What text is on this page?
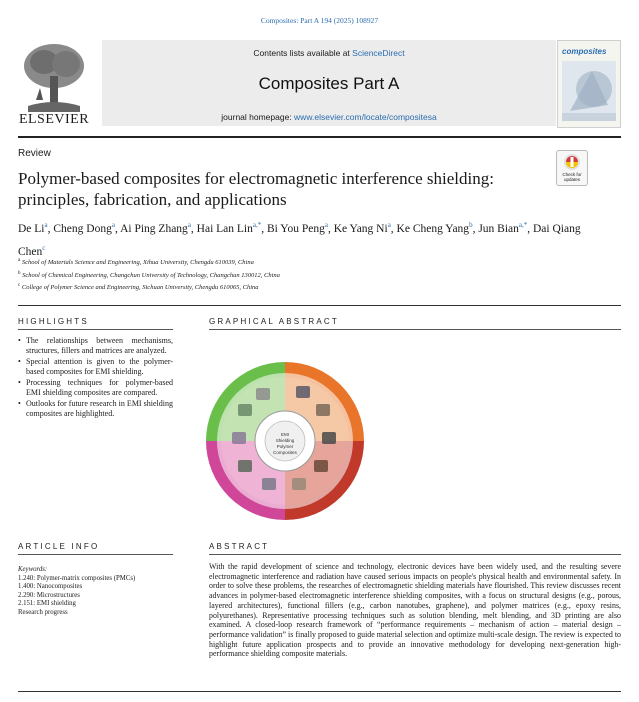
Composites: Part A 194 (2025) 108927
ELSEVIER
Contents lists available at ScienceDirect
Composites Part A
journal homepage: www.elsevier.com/locate/compositesa
composites
Review
Polymer-based composites for electromagnetic interference shielding: principles, fabrication, and applications
Check for updates
De Li$^a$, Cheng Dong$^a$, Ai Ping Zhang$^a$, Hai Lan Lin$^{a,*}$, Bi You Peng$^a$, Ke Yang Ni$^a$, Ke Cheng Yang$^b$, Jun Bian$^{a,*}$, Dai Qiang Chen$^c$
$^a$ School of Materials Science and Engineering, Xihua University, Chengdu 610039, China
$^b$ School of Chemical Engineering, Changchun University of Technology, Changchun 130012, China
$^c$ College of Polymer Science and Engineering, Sichuan University, Chengdu 610065, China
HIGHLIGHTS	GRAPHICAL ABSTRACT
• The relationships between mechanisms, structures, fillers and matrices are analyzed.
• Special attention is given to the polymer-based composites for EMI shielding.
• Processing techniques for polymer-based EMI shielding composites are compared.
• Outlooks for future research in EMI shielding composites are highlighted.
EMI
Shielding
Polymer
Composites
ARTICLE INFO	ABSTRACT
Keywords:
1.240: Polymer-matrix composites (PMCs)
1.400: Nanocomposites
2.290: Microstructures
2.151: EMI shielding
Research progress
With the rapid development of science and technology, electronic devices have been widely used, and the resulting severe electromagnetic interference and radiation have caused serious impacts on people's physical health and environmental safety. In order to solve these problems, the researches of electromagnetic shielding materials have flourished. This review discusses recent advances in polymer-based electromagnetic interference shielding composites, with a focus on structural designs (e.g., porous, layered architectures), functional fillers (e.g., carbon nanotubes, graphene), and polymer matrices (e.g., epoxy resins, polyurethanes). Representative processing techniques such as solution blending, melt blending, and 3D printing are also examined. A closed-loop research framework of “performance requirements – mechanism of action – material design – performance validation” is finally proposed to guide material selection and optimize multi-scale design. The review is expected to highlight future application prospects and to provide an innovative methodology for developing next-generation high-performance shielding composite materials.
